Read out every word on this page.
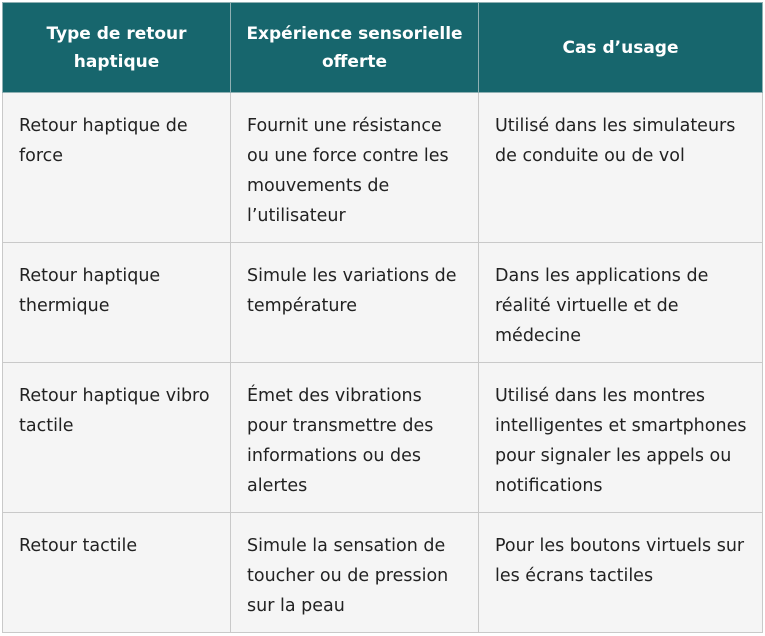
Type de retour haptique	Expérience sensorielle offerte	Cas d’usage
Retour haptique de force	Fournit une résistance ou une force contre les mouvements de l’utilisateur	Utilisé dans les simulateurs de conduite ou de vol
Retour haptique thermique	Simule les variations de température	Dans les applications de réalité virtuelle et de médecine
Retour haptique vibro tactile	Émet des vibrations pour transmettre des informations ou des alertes	Utilisé dans les montres intelligentes et smartphones pour signaler les appels ou notifications
Retour tactile	Simule la sensation de toucher ou de pression sur la peau	Pour les boutons virtuels sur les écrans tactiles
